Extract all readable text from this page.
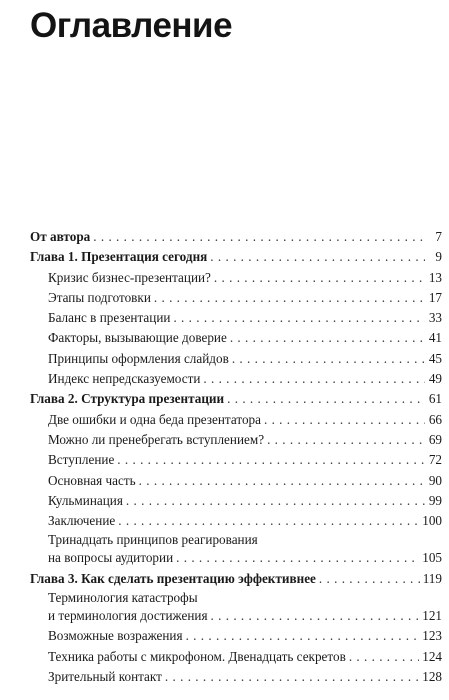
Оглавление
От автора . . .	7
Глава 1. Презентация сегодня . . .	9
Кризис бизнес-презентации? . . .	13
Этапы подготовки . . .	17
Баланс в презентации . . .	33
Факторы, вызывающие доверие . . .	41
Принципы оформления слайдов . . .	45
Индекс непредсказуемости . . .	49
Глава 2. Структура презентации . . .	61
Две ошибки и одна беда презентатора . . .	66
Можно ли пренебрегать вступлением? . . .	69
Вступление . . .	72
Основная часть . . .	90
Кульминация . . .	99
Заключение . . .	100
Тринадцать принципов реагирования
на вопросы аудитории . . .	105
Глава 3. Как сделать презентацию эффективнее . . .	119
Терминология катастрофы
и терминология достижения . . .	121
Возможные возражения . . .	123
Техника работы с микрофоном. Двенадцать секретов . . .	124
Зрительный контакт . . .	128
